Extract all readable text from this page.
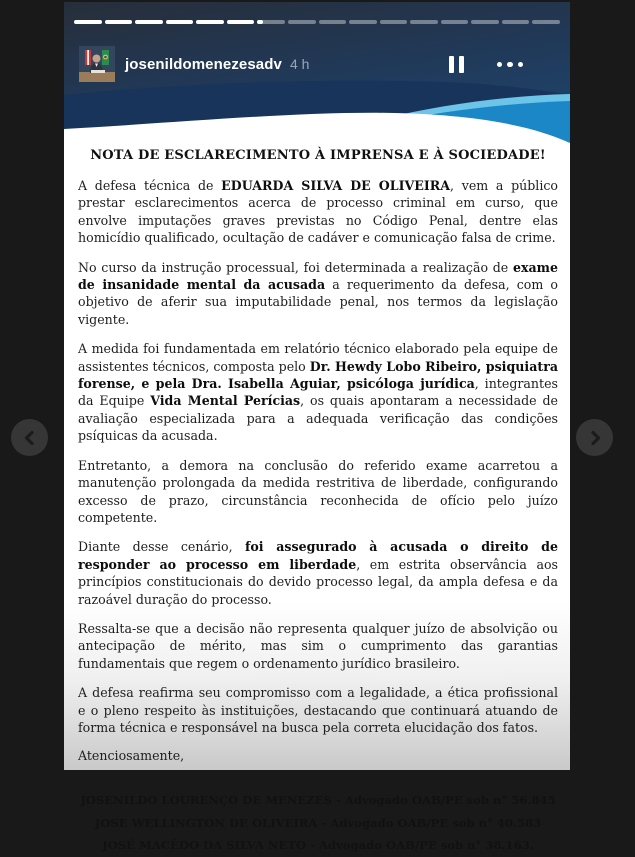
josenildomenezesadv 4 h
NOTA DE ESCLARECIMENTO À IMPRENSA E À SOCIEDADE!

A defesa técnica de EDUARDA SILVA DE OLIVEIRA, vem a público prestar esclarecimentos acerca de processo criminal em curso, que envolve imputações graves previstas no Código Penal, dentre elas homicídio qualificado, ocultação de cadáver e comunicação falsa de crime.

No curso da instrução processual, foi determinada a realização de exame de insanidade mental da acusada a requerimento da defesa, com o objetivo de aferir sua imputabilidade penal, nos termos da legislação vigente.

A medida foi fundamentada em relatório técnico elaborado pela equipe de assistentes técnicos, composta pelo Dr. Hewdy Lobo Ribeiro, psiquiatra forense, e pela Dra. Isabella Aguiar, psicóloga jurídica, integrantes da Equipe Vida Mental Perícias, os quais apontaram a necessidade de avaliação especializada para a adequada verificação das condições psíquicas da acusada.

Entretanto, a demora na conclusão do referido exame acarretou a manutenção prolongada da medida restritiva de liberdade, configurando excesso de prazo, circunstância reconhecida de ofício pelo juízo competente.

Diante desse cenário, foi assegurado à acusada o direito de responder ao processo em liberdade, em estrita observância aos princípios constitucionais do devido processo legal, da ampla defesa e da razoável duração do processo.

Ressalta-se que a decisão não representa qualquer juízo de absolvição ou antecipação de mérito, mas sim o cumprimento das garantias fundamentais que regem o ordenamento jurídico brasileiro.

A defesa reafirma seu compromisso com a legalidade, a ética profissional e o pleno respeito às instituições, destacando que continuará atuando de forma técnica e responsável na busca pela correta elucidação dos fatos.

Atenciosamente,
JOSENILDO LOURENÇO DE MENEZES - Advogado OAB/PE sob n° 56.845
JOSE WELLINGTON DE OLIVEIRA - Advogado OAB/PE sob n° 40.583
JOSÉ MACÊDO DA SILVA NETO - Advogado OAB/PE sob n° 38.163.
